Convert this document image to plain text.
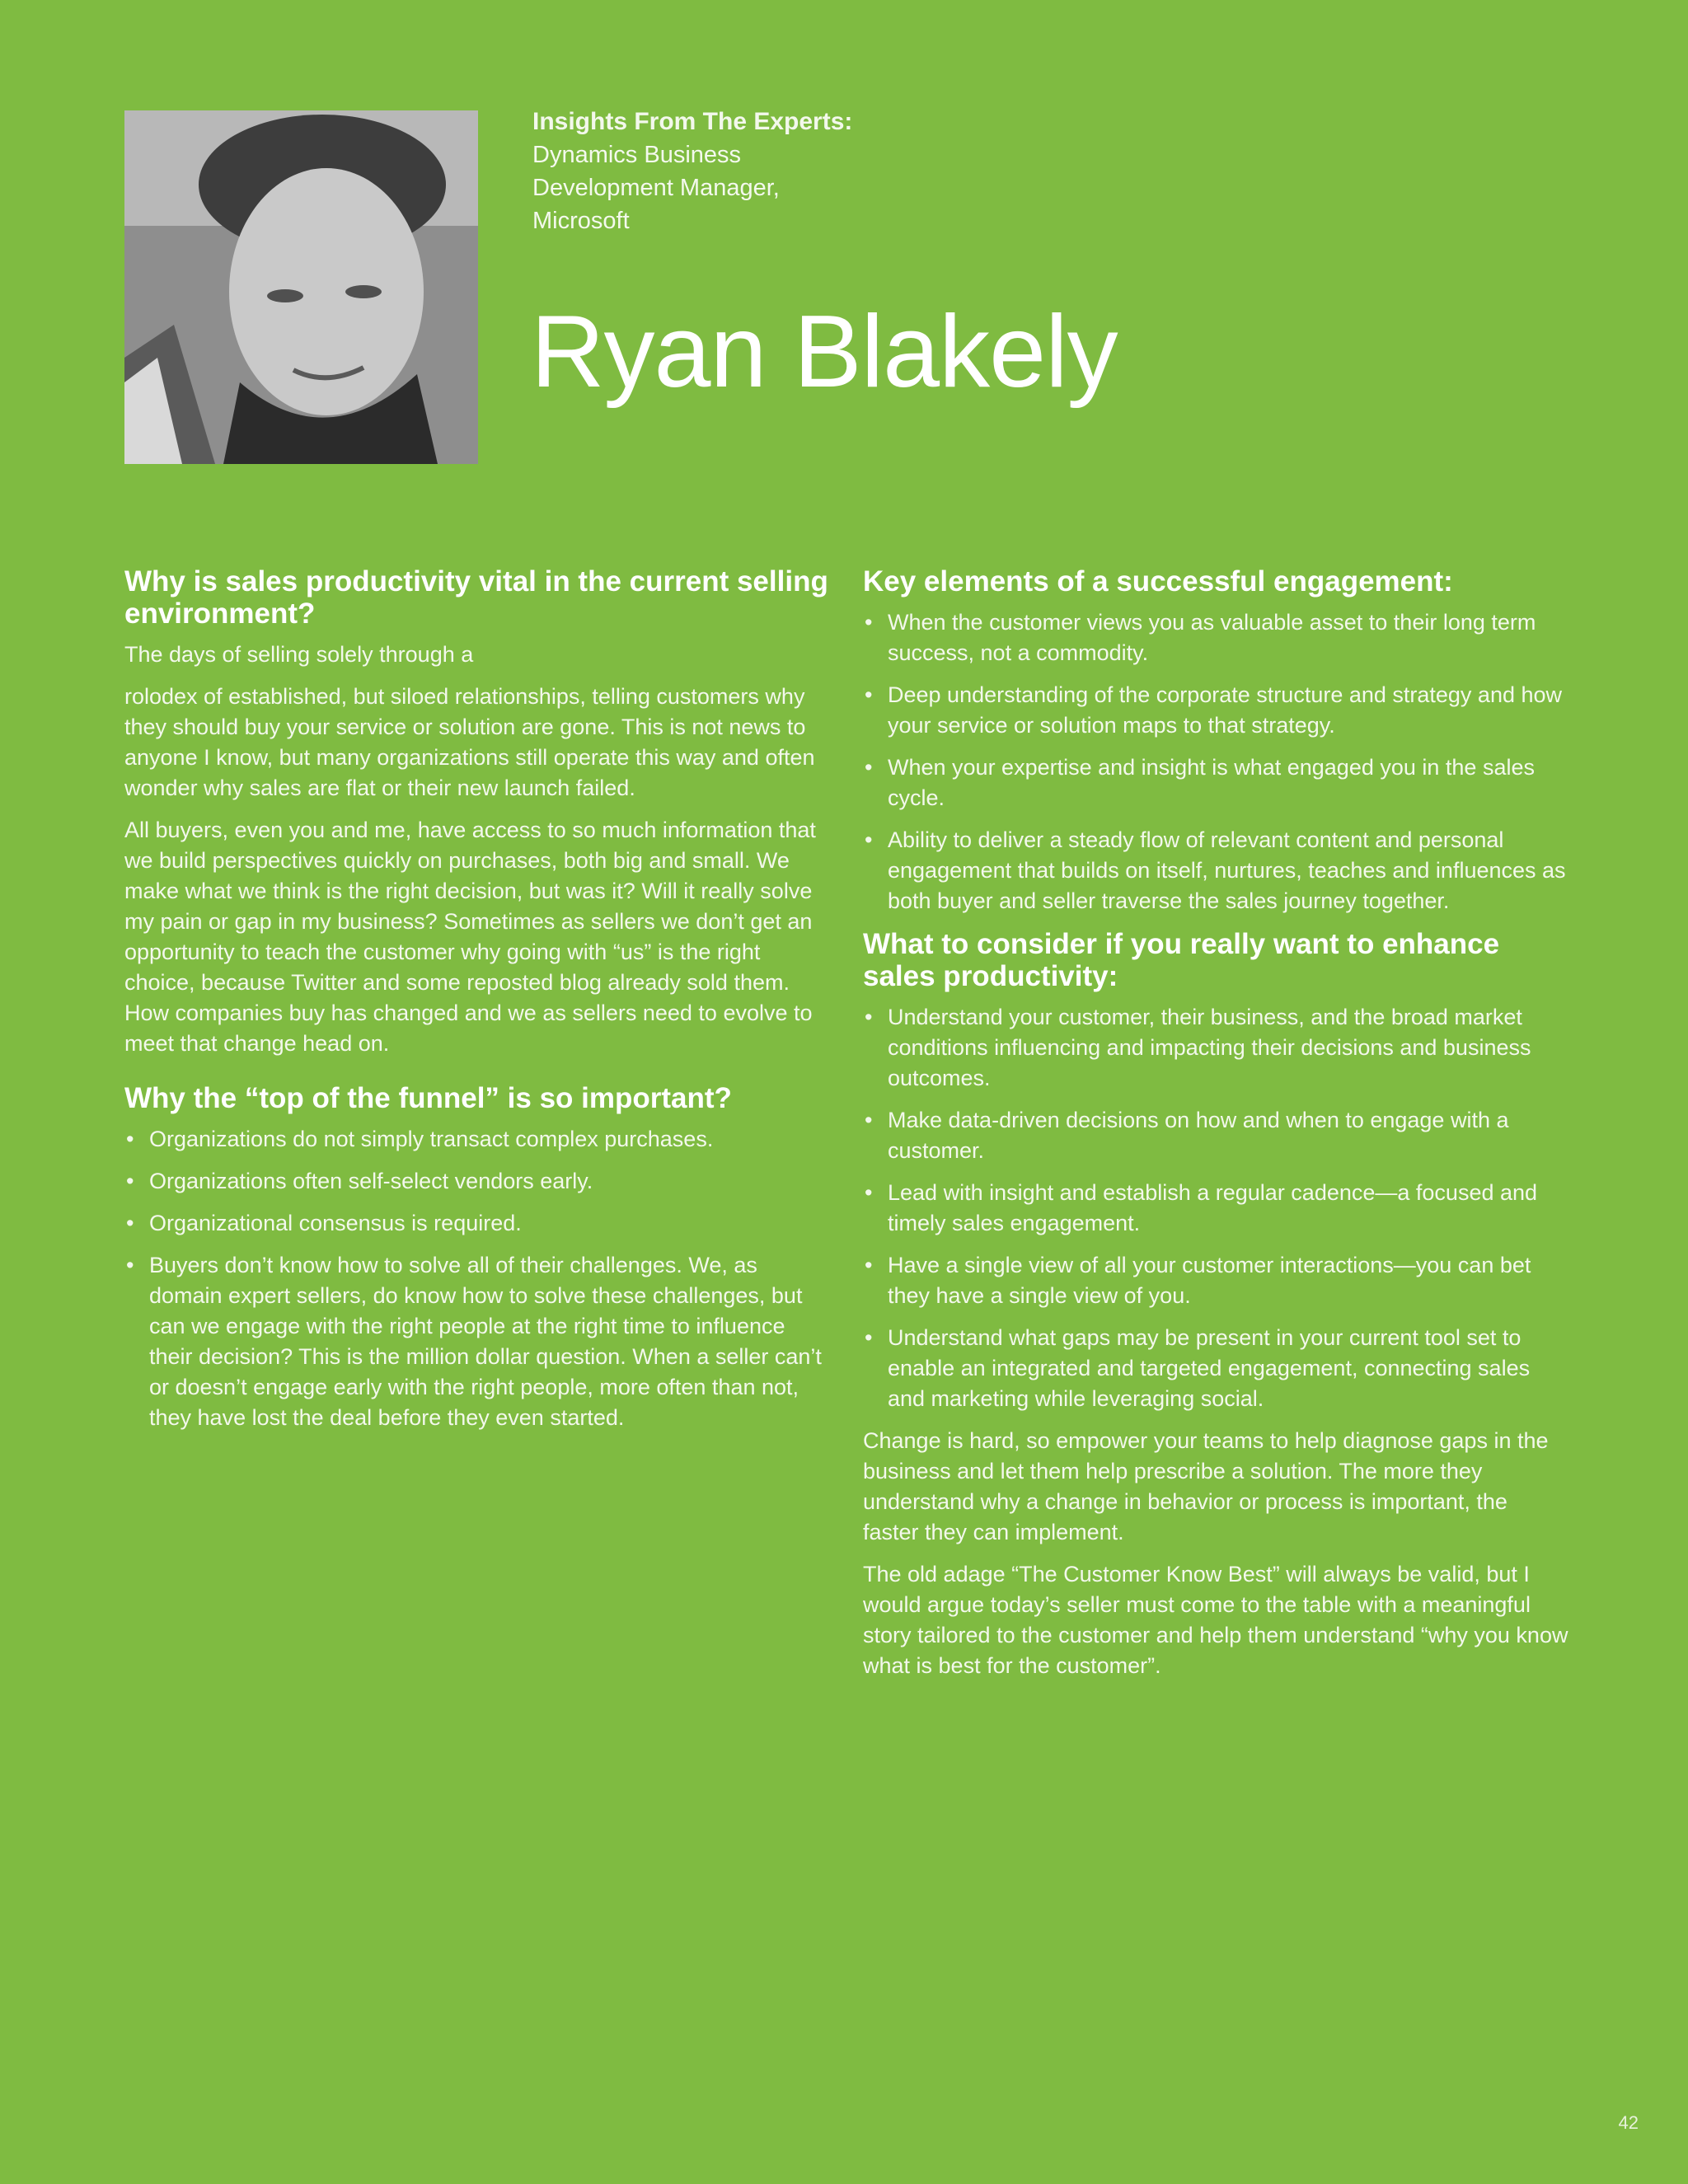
Insights From The Experts:

Dynamics Business

Development Manager,

Microsoft

Ryan Blakely
Why is sales productivity vital in the current selling environment?

The days of selling solely through a

rolodex of established, but siloed relationships, telling customers why they should buy your service or solution are gone. This is not news to anyone I know, but many organizations still operate this way and often wonder why sales are flat or their new launch failed.

All buyers, even you and me, have access to so much information that we build perspectives quickly on purchases, both big and small. We make what we think is the right decision, but was it? Will it really solve my pain or gap in my business? Sometimes as sellers we don’t get an opportunity to teach the customer why going with “us” is the right choice, because Twitter and some reposted blog already sold them. How companies buy has changed and we as sellers need to evolve to meet that change head on.

Why the “top of the funnel” is so important?
• Organizations do not simply transact complex purchases.
• Organizations often self-select vendors early.
• Organizational consensus is required.
• Buyers don’t know how to solve all of their challenges. We, as domain expert sellers, do know how to solve these challenges, but can we engage with the right people at the right time to influence their decision? This is the million dollar question. When a seller can’t or doesn’t engage early with the right people, more often than not, they have lost the deal before they even started.
Key elements of a successful engagement:
• When the customer views you as valuable asset to their long term success, not a commodity.
• Deep understanding of the corporate structure and strategy and how your service or solution maps to that strategy.
• When your expertise and insight is what engaged you in the sales cycle.
• Ability to deliver a steady flow of relevant content and personal engagement that builds on itself, nurtures, teaches and influences as both buyer and seller traverse the sales journey together.
What to consider if you really want to enhance sales productivity:
• Understand your customer, their business, and the broad market conditions influencing and impacting their decisions and business outcomes.
• Make data-driven decisions on how and when to engage with a customer.
• Lead with insight and establish a regular cadence—a focused and timely sales engagement.
• Have a single view of all your customer interactions—you can bet they have a single view of you.
• Understand what gaps may be present in your current tool set to enable an integrated and targeted engagement, connecting sales and marketing while leveraging social.

Change is hard, so empower your teams to help diagnose gaps in the business and let them help prescribe a solution. The more they understand why a change in behavior or process is important, the faster they can implement.

The old adage “The Customer Know Best” will always be valid, but I would argue today’s seller must come to the table with a meaningful story tailored to the customer and help them understand “why you know what is best for the customer”.

42
